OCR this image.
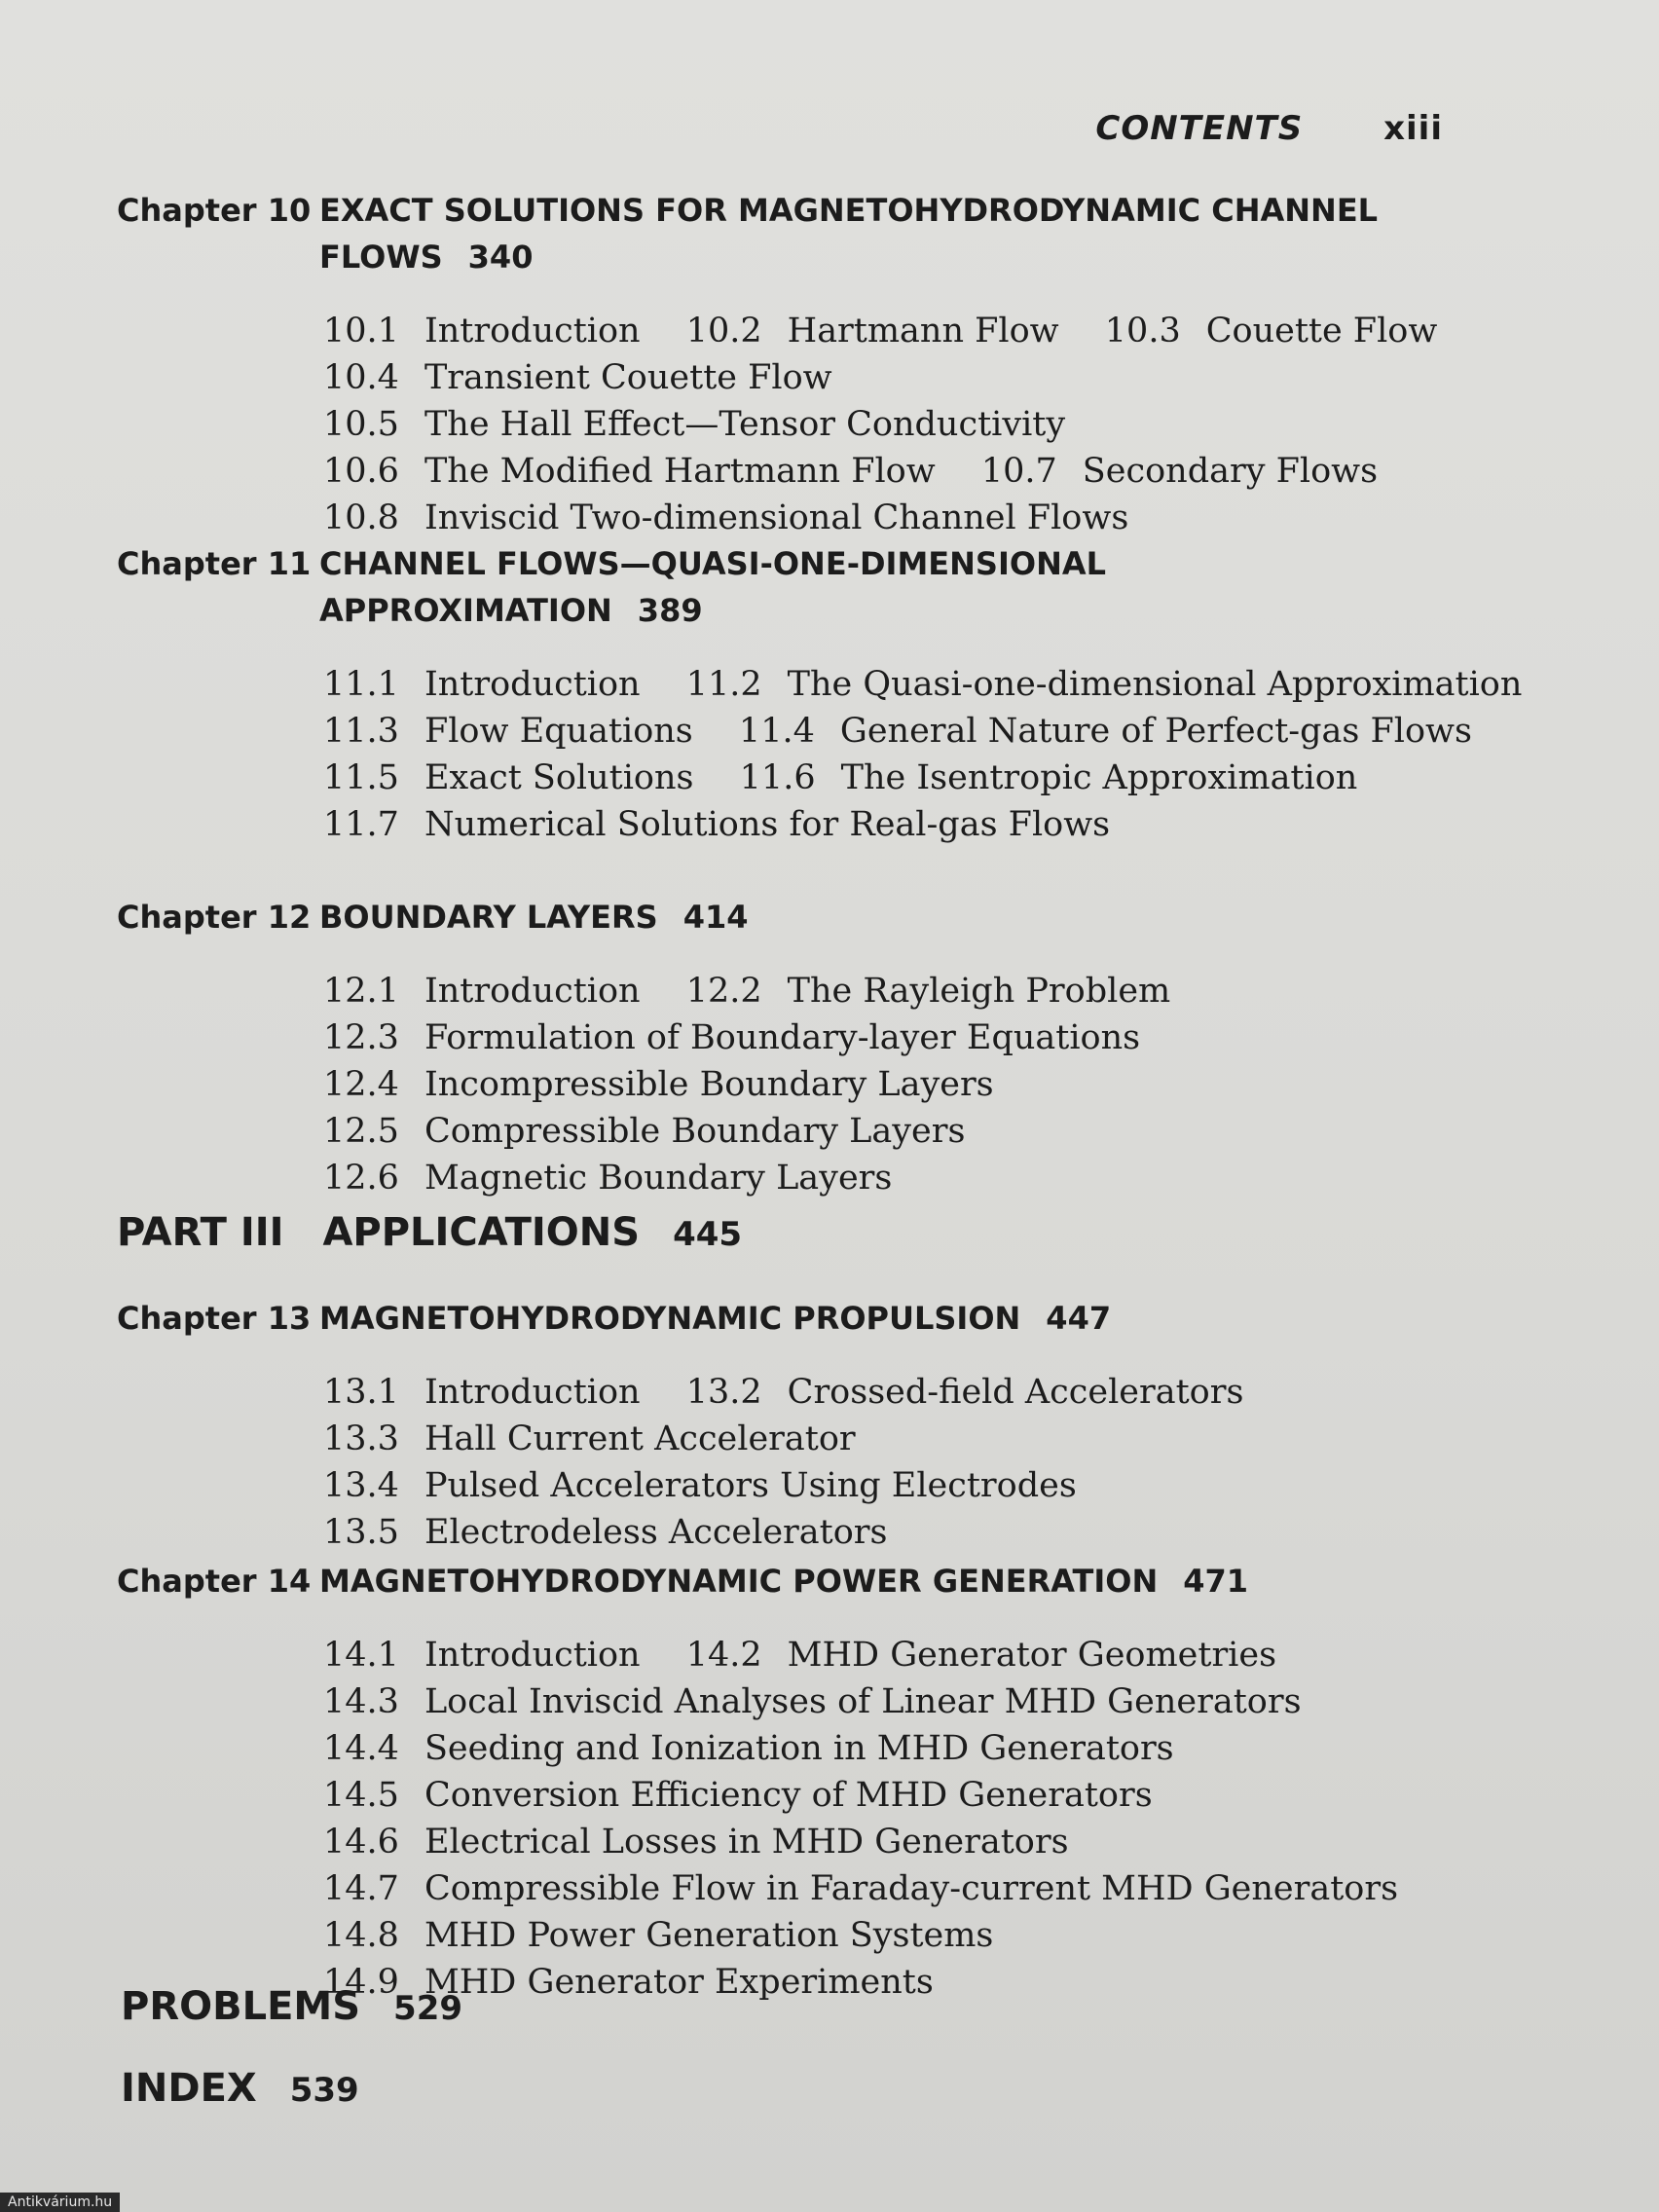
CONTENTS xiii
Chapter 10 EXACT SOLUTIONS FOR MAGNETOHYDRODYNAMIC CHANNEL FLOWS 340
10.1 Introduction 10.2 Hartmann Flow 10.3 Couette Flow 10.4 Transient Couette Flow 10.5 The Hall Effect—Tensor Conductivity 10.6 The Modified Hartmann Flow 10.7 Secondary Flows 10.8 Inviscid Two-dimensional Channel Flows
Chapter 11 CHANNEL FLOWS—QUASI-ONE-DIMENSIONAL APPROXIMATION 389
11.1 Introduction 11.2 The Quasi-one-dimensional Approximation 11.3 Flow Equations 11.4 General Nature of Perfect-gas Flows 11.5 Exact Solutions 11.6 The Isentropic Approximation 11.7 Numerical Solutions for Real-gas Flows
Chapter 12 BOUNDARY LAYERS 414
12.1 Introduction 12.2 The Rayleigh Problem 12.3 Formulation of Boundary-layer Equations 12.4 Incompressible Boundary Layers 12.5 Compressible Boundary Layers 12.6 Magnetic Boundary Layers
PART III APPLICATIONS 445
Chapter 13 MAGNETOHYDRODYNAMIC PROPULSION 447
13.1 Introduction 13.2 Crossed-field Accelerators 13.3 Hall Current Accelerator 13.4 Pulsed Accelerators Using Electrodes 13.5 Electrodeless Accelerators
Chapter 14 MAGNETOHYDRODYNAMIC POWER GENERATION 471
14.1 Introduction 14.2 MHD Generator Geometries 14.3 Local Inviscid Analyses of Linear MHD Generators 14.4 Seeding and Ionization in MHD Generators 14.5 Conversion Efficiency of MHD Generators 14.6 Electrical Losses in MHD Generators 14.7 Compressible Flow in Faraday-current MHD Generators 14.8 MHD Power Generation Systems 14.9 MHD Generator Experiments
PROBLEMS 529
INDEX 539
Antikvárium.hu
